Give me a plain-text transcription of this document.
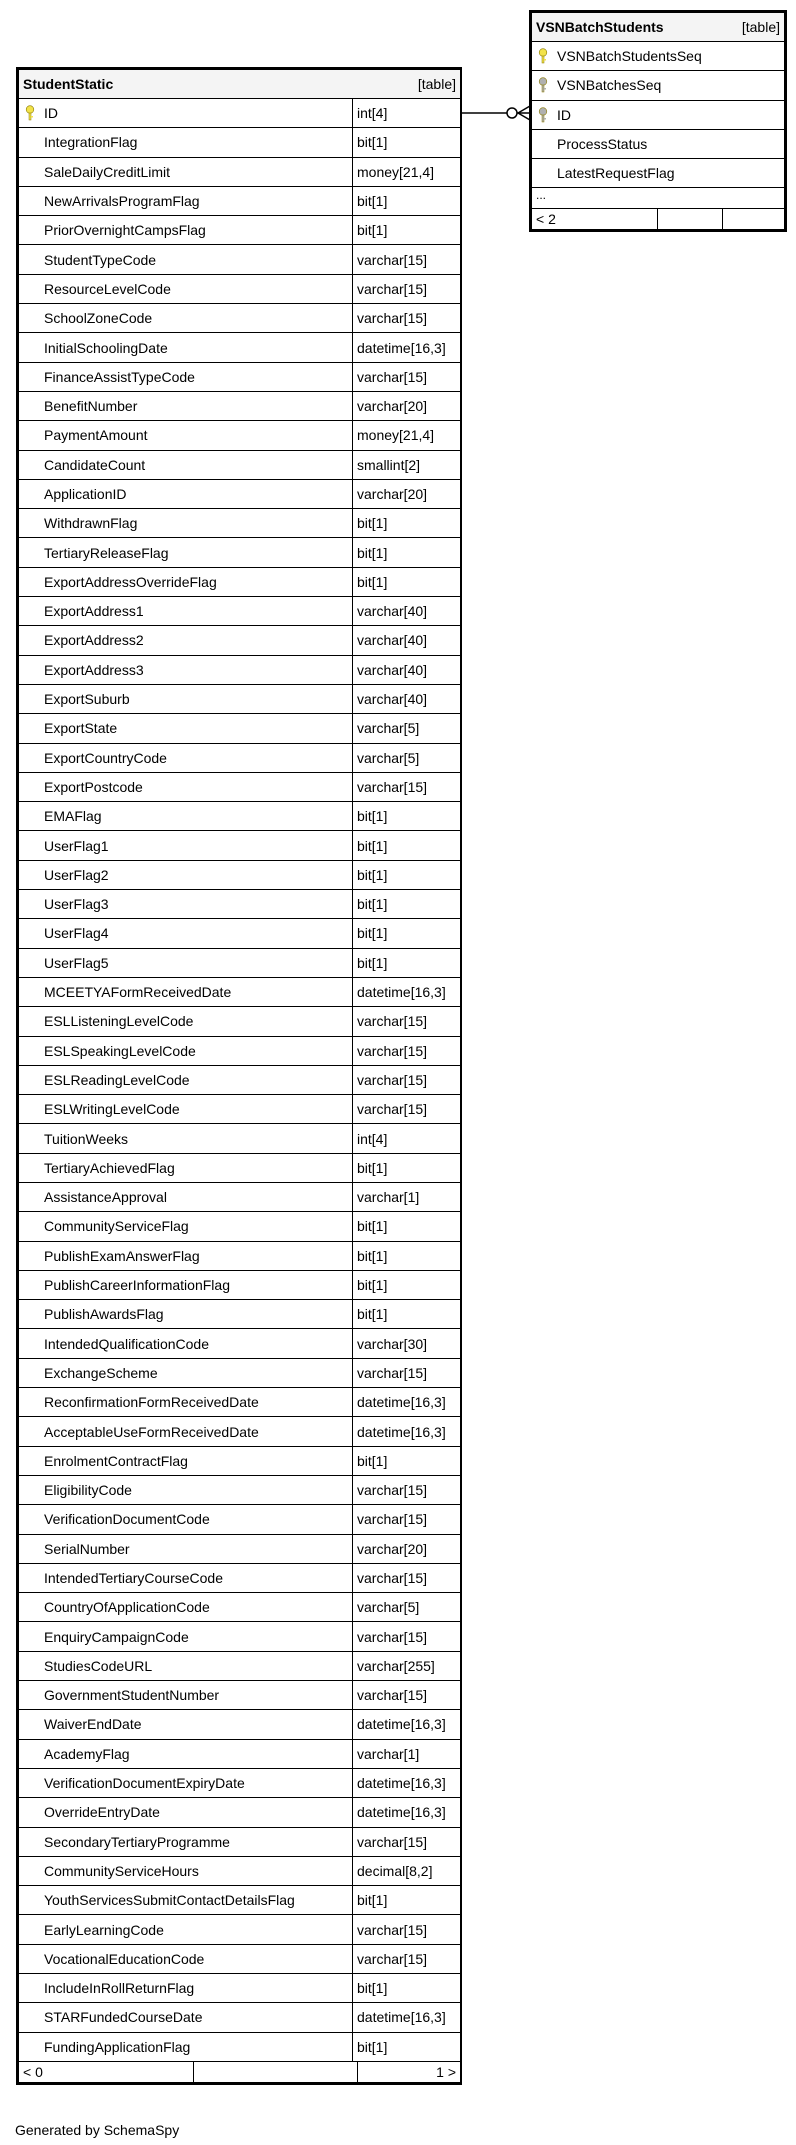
StudentStatic [table]	

ID	int[4]
IntegrationFlag	bit[1]
SaleDailyCreditLimit	money[21,4]
NewArrivalsProgramFlag	bit[1]
PriorOvernightCampsFlag	bit[1]
StudentTypeCode	varchar[15]
ResourceLevelCode	varchar[15]
SchoolZoneCode	varchar[15]
InitialSchoolingDate	datetime[16,3]
FinanceAssistTypeCode	varchar[15]
BenefitNumber	varchar[20]
PaymentAmount	money[21,4]
CandidateCount	smallint[2]
ApplicationID	varchar[20]
WithdrawnFlag	bit[1]
TertiaryReleaseFlag	bit[1]
ExportAddressOverrideFlag	bit[1]
ExportAddress1	varchar[40]
ExportAddress2	varchar[40]
ExportAddress3	varchar[40]
ExportSuburb	varchar[40]
ExportState	varchar[5]
ExportCountryCode	varchar[5]
ExportPostcode	varchar[15]
EMAFlag	bit[1]
UserFlag1	bit[1]
UserFlag2	bit[1]
UserFlag3	bit[1]
UserFlag4	bit[1]
UserFlag5	bit[1]
MCEETYAFormReceivedDate	datetime[16,3]
ESLListeningLevelCode	varchar[15]
ESLSpeakingLevelCode	varchar[15]
ESLReadingLevelCode	varchar[15]
ESLWritingLevelCode	varchar[15]
TuitionWeeks	int[4]
TertiaryAchievedFlag	bit[1]
AssistanceApproval	varchar[1]
CommunityServiceFlag	bit[1]
PublishExamAnswerFlag	bit[1]
PublishCareerInformationFlag	bit[1]
PublishAwardsFlag	bit[1]
IntendedQualificationCode	varchar[30]
ExchangeScheme	varchar[15]
ReconfirmationFormReceivedDate	datetime[16,3]
AcceptableUseFormReceivedDate	datetime[16,3]
EnrolmentContractFlag	bit[1]
EligibilityCode	varchar[15]
VerificationDocumentCode	varchar[15]
SerialNumber	varchar[20]
IntendedTertiaryCourseCode	varchar[15]
CountryOfApplicationCode	varchar[5]
EnquiryCampaignCode	varchar[15]
StudiesCodeURL	varchar[255]
GovernmentStudentNumber	varchar[15]
WaiverEndDate	datetime[16,3]
AcademyFlag	varchar[1]
VerificationDocumentExpiryDate	datetime[16,3]
OverrideEntryDate	datetime[16,3]
SecondaryTertiaryProgramme	varchar[15]
CommunityServiceHours	decimal[8,2]
YouthServicesSubmitContactDetailsFlag	bit[1]
EarlyLearningCode	varchar[15]
VocationalEducationCode	varchar[15]
IncludeInRollReturnFlag	bit[1]
STARFundedCourseDate	datetime[16,3]
FundingApplicationFlag	bit[1]

< 0 1 >	
VSNBatchStudents	[table]

VSNBatchStudentsSeq

VSNBatchesSeq

ID
ProcessStatus
LatestRequestFlag
...

< 2
Generated by SchemaSpy
